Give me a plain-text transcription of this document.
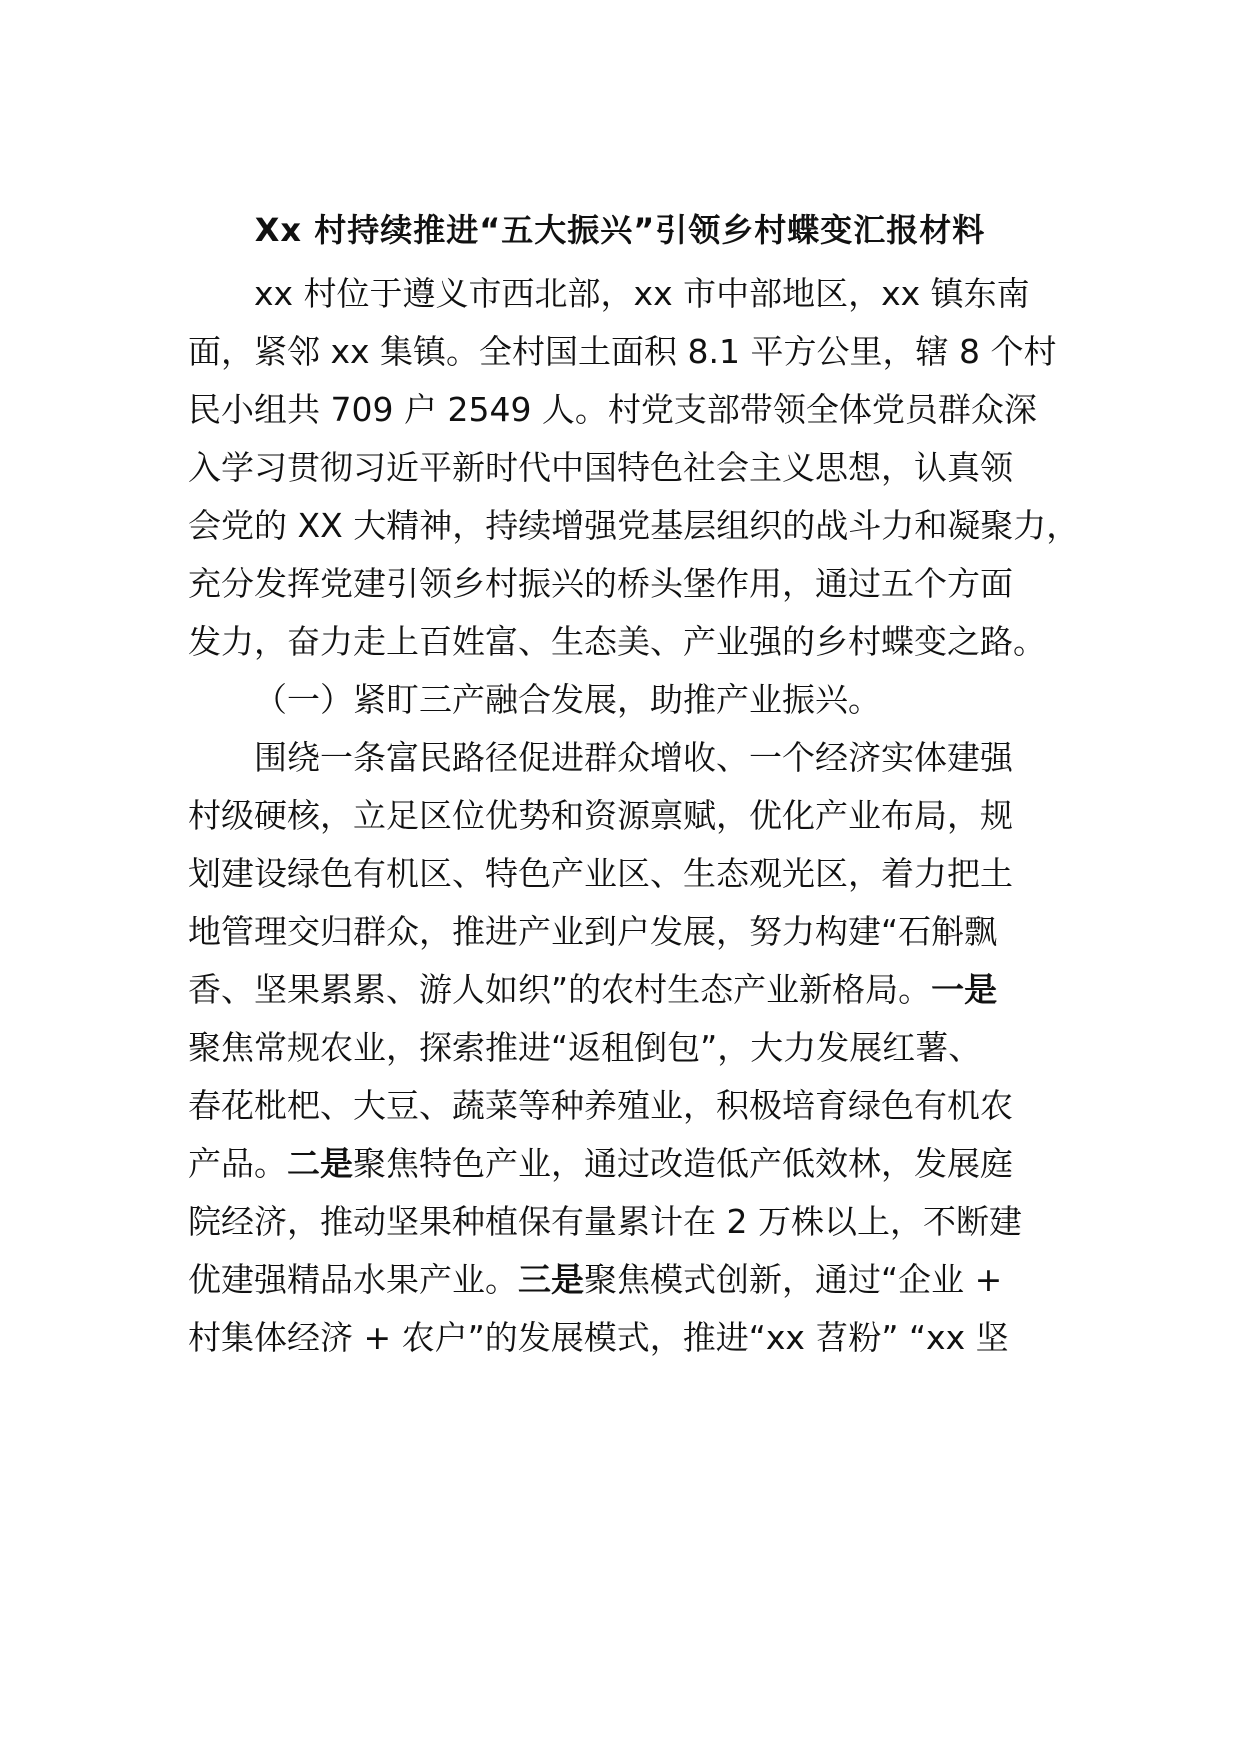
Xx 村持续推进“五大振兴”引领乡村蝶变汇报材料
xx 村位于遵义市西北部，xx 市中部地区，xx 镇东南
面，紧邻 xx 集镇。全村国土面积 8.1 平方公里，辖 8 个村
民小组共 709 户 2549 人。村党支部带领全体党员群众深
入学习贯彻习近平新时代中国特色社会主义思想，认真领
会党的 XX 大精神，持续增强党基层组织的战斗力和凝聚力，
充分发挥党建引领乡村振兴的桥头堡作用，通过五个方面
发力，奋力走上百姓富、生态美、产业强的乡村蝶变之路。
（一）紧盯三产融合发展，助推产业振兴。
围绕一条富民路径促进群众增收、一个经济实体建强
村级硬核，立足区位优势和资源禀赋，优化产业布局，规
划建设绿色有机区、特色产业区、生态观光区，着力把土
地管理交归群众，推进产业到户发展，努力构建“石斛飘
香、坚果累累、游人如织”的农村生态产业新格局。一是
聚焦常规农业，探索推进“返租倒包”，大力发展红薯、
春花枇杷、大豆、蔬菜等种养殖业，积极培育绿色有机农
产品。二是聚焦特色产业，通过改造低产低效林，发展庭
院经济，推动坚果种植保有量累计在 2 万株以上，不断建
优建强精品水果产业。三是聚焦模式创新，通过“企业 +
村集体经济 + 农户”的发展模式，推进“xx 苕粉” “xx 坚
